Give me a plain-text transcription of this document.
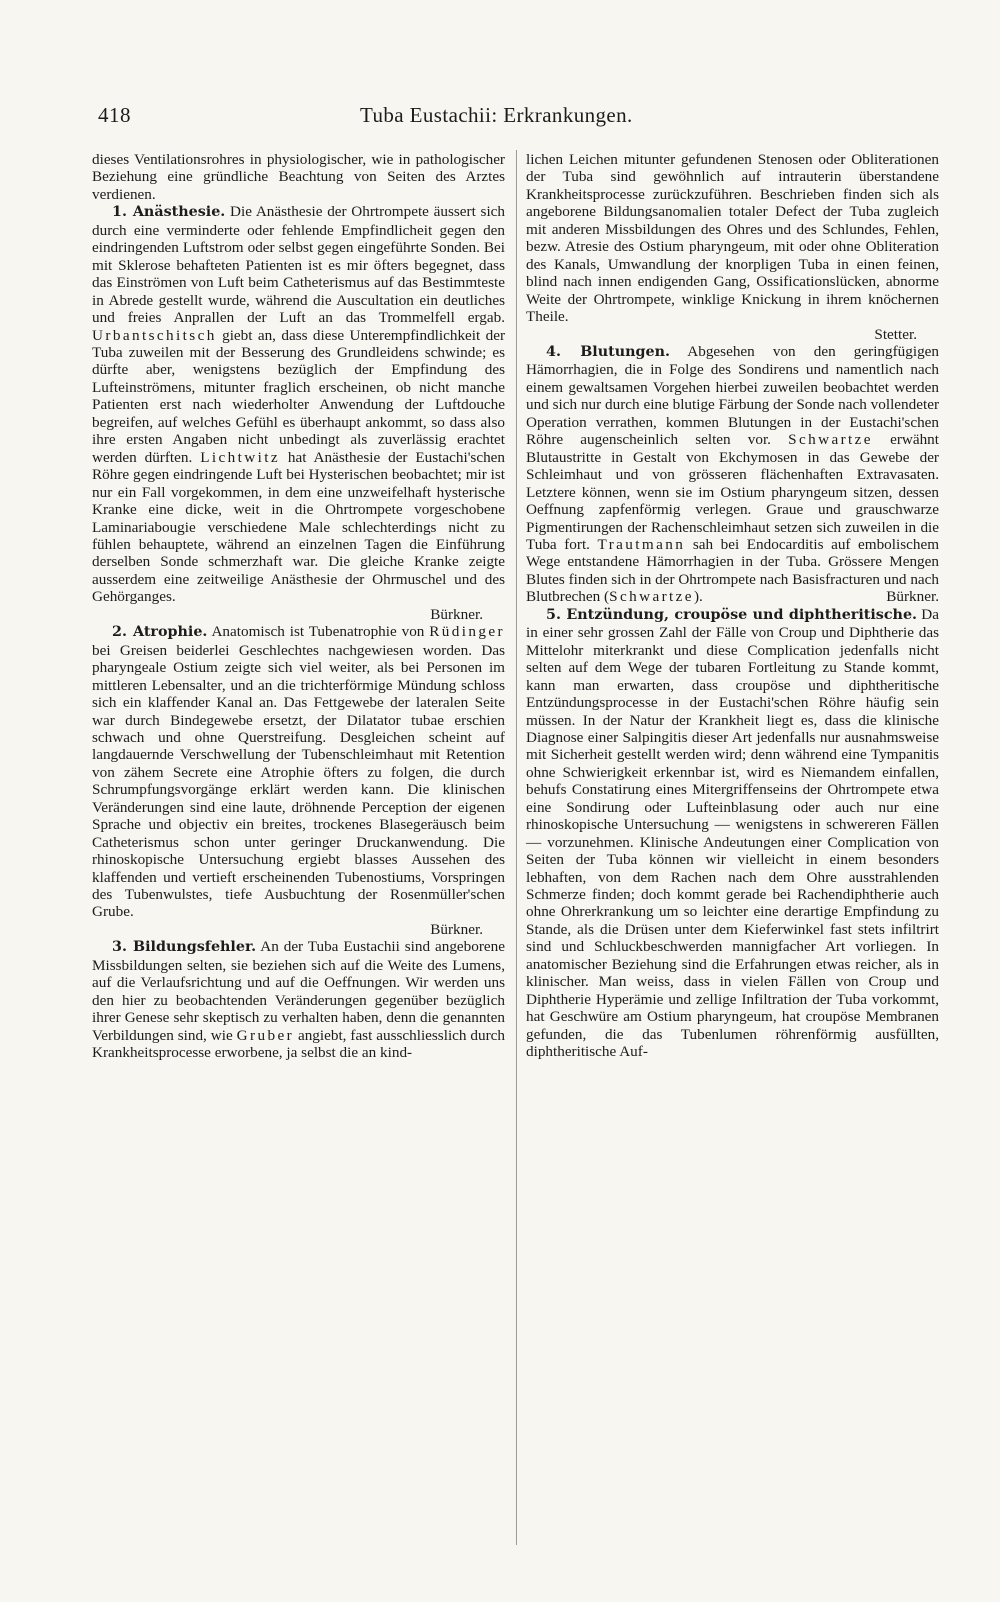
418	Tuba Eustachii: Erkrankungen.

dieses Ventilationsrohres in physiologischer, wie in pathologischer Beziehung eine gründliche Beachtung von Seiten des Arztes verdienen.

1. Anästhesie. Die Anästhesie der Ohrtrompete äussert sich durch eine verminderte oder fehlende Empfindlicheit gegen den eindringenden Luftstrom oder selbst gegen eingeführte Sonden. Bei mit Sklerose behafteten Patienten ist es mir öfters begegnet, dass das Einströmen von Luft beim Catheterismus auf das Bestimmteste in Abrede gestellt wurde, während die Auscultation ein deutliches und freies Anprallen der Luft an das Trommelfell ergab. Urbantschitsch giebt an, dass diese Unterempfindlichkeit der Tuba zuweilen mit der Besserung des Grundleidens schwinde; es dürfte aber, wenigstens bezüglich der Empfindung des Lufteinströmens, mitunter fraglich erscheinen, ob nicht manche Patienten erst nach wiederholter Anwendung der Luftdouche begreifen, auf welches Gefühl es überhaupt ankommt, so dass also ihre ersten Angaben nicht unbedingt als zuverlässig erachtet werden dürften. Lichtwitz hat Anästhesie der Eustachi'schen Röhre gegen eindringende Luft bei Hysterischen beobachtet; mir ist nur ein Fall vorgekommen, in dem eine unzweifelhaft hysterische Kranke eine dicke, weit in die Ohrtrompete vorgeschobene Laminariabougie verschiedene Male schlechterdings nicht zu fühlen behauptete, während an einzelnen Tagen die Einführung derselben Sonde schmerzhaft war. Die gleiche Kranke zeigte ausserdem eine zeitweilige Anästhesie der Ohrmuschel und des Gehörganges.

Bürkner.

2. Atrophie. Anatomisch ist Tubenatrophie von Rüdinger bei Greisen beiderlei Geschlechtes nachgewiesen worden. Das pharyngeale Ostium zeigte sich viel weiter, als bei Personen im mittleren Lebensalter, und an die trichterförmige Mündung schloss sich ein klaffender Kanal an. Das Fettgewebe der lateralen Seite war durch Bindegewebe ersetzt, der Dilatator tubae erschien schwach und ohne Querstreifung. Desgleichen scheint auf langdauernde Verschwellung der Tubenschleimhaut mit Retention von zähem Secrete eine Atrophie öfters zu folgen, die durch Schrumpfungsvorgänge erklärt werden kann. Die klinischen Veränderungen sind eine laute, dröhnende Perception der eigenen Sprache und objectiv ein breites, trockenes Blasegeräusch beim Catheterismus schon unter geringer Druckanwendung. Die rhinoskopische Untersuchung ergiebt blasses Aussehen des klaffenden und vertieft erscheinenden Tubenostiums, Vorspringen des Tubenwulstes, tiefe Ausbuchtung der Rosenmüller'schen Grube.

Bürkner.

3. Bildungsfehler. An der Tuba Eustachii sind angeborene Missbildungen selten, sie beziehen sich auf die Weite des Lumens, auf die Verlaufsrichtung und auf die Oeffnungen. Wir werden uns den hier zu beobachtenden Veränderungen gegenüber bezüglich ihrer Genese sehr skeptisch zu verhalten haben, denn die genannten Verbildungen sind, wie Gruber angiebt, fast ausschliesslich durch Krankheitsprocesse erworbene, ja selbst die an kind-

lichen Leichen mitunter gefundenen Stenosen oder Obliterationen der Tuba sind gewöhnlich auf intrauterin überstandene Krankheitsprocesse zurückzuführen. Beschrieben finden sich als angeborene Bildungsanomalien totaler Defect der Tuba zugleich mit anderen Missbildungen des Ohres und des Schlundes, Fehlen, bezw. Atresie des Ostium pharyngeum, mit oder ohne Obliteration des Kanals, Umwandlung der knorpligen Tuba in einen feinen, blind nach innen endigenden Gang, Ossificationslücken, abnorme Weite der Ohrtrompete, winklige Knickung in ihrem knöchernen Theile.

Stetter.

4. Blutungen. Abgesehen von den geringfügigen Hämorrhagien, die in Folge des Sondirens und namentlich nach einem gewaltsamen Vorgehen hierbei zuweilen beobachtet werden und sich nur durch eine blutige Färbung der Sonde nach vollendeter Operation verrathen, kommen Blutungen in der Eustachi'schen Röhre augenscheinlich selten vor. Schwartze erwähnt Blutaustritte in Gestalt von Ekchymosen in das Gewebe der Schleimhaut und von grösseren flächenhaften Extravasaten. Letztere können, wenn sie im Ostium pharyngeum sitzen, dessen Oeffnung zapfenförmig verlegen. Graue und grauschwarze Pigmentirungen der Rachenschleimhaut setzen sich zuweilen in die Tuba fort. Trautmann sah bei Endocarditis auf embolischem Wege entstandene Hämorrhagien in der Tuba. Grössere Mengen Blutes finden sich in der Ohrtrompete nach Basisfracturen und nach Blutbrechen (Schwartze).	Bürkner.

5. Entzündung, croupöse und diphtheritische. Da in einer sehr grossen Zahl der Fälle von Croup und Diphtherie das Mittelohr miterkrankt und diese Complication jedenfalls nicht selten auf dem Wege der tubaren Fortleitung zu Stande kommt, kann man erwarten, dass croupöse und diphtheritische Entzündungsprocesse in der Eustachi'schen Röhre häufig sein müssen. In der Natur der Krankheit liegt es, dass die klinische Diagnose einer Salpingitis dieser Art jedenfalls nur ausnahmsweise mit Sicherheit gestellt werden wird; denn während eine Tympanitis ohne Schwierigkeit erkennbar ist, wird es Niemandem einfallen, behufs Constatirung eines Mitergriffenseins der Ohrtrompete etwa eine Sondirung oder Lufteinblasung oder auch nur eine rhinoskopische Untersuchung — wenigstens in schwereren Fällen — vorzunehmen. Klinische Andeutungen einer Complication von Seiten der Tuba können wir vielleicht in einem besonders lebhaften, von dem Rachen nach dem Ohre ausstrahlenden Schmerze finden; doch kommt gerade bei Rachendiphtherie auch ohne Ohrerkrankung um so leichter eine derartige Empfindung zu Stande, als die Drüsen unter dem Kieferwinkel fast stets infiltrirt sind und Schluckbeschwerden mannigfacher Art vorliegen. In anatomischer Beziehung sind die Erfahrungen etwas reicher, als in klinischer. Man weiss, dass in vielen Fällen von Croup und Diphtherie Hyperämie und zellige Infiltration der Tuba vorkommt, hat Geschwüre am Ostium pharyngeum, hat croupöse Membranen gefunden, die das Tubenlumen röhrenförmig ausfüllten, diphtheritische Auf-
